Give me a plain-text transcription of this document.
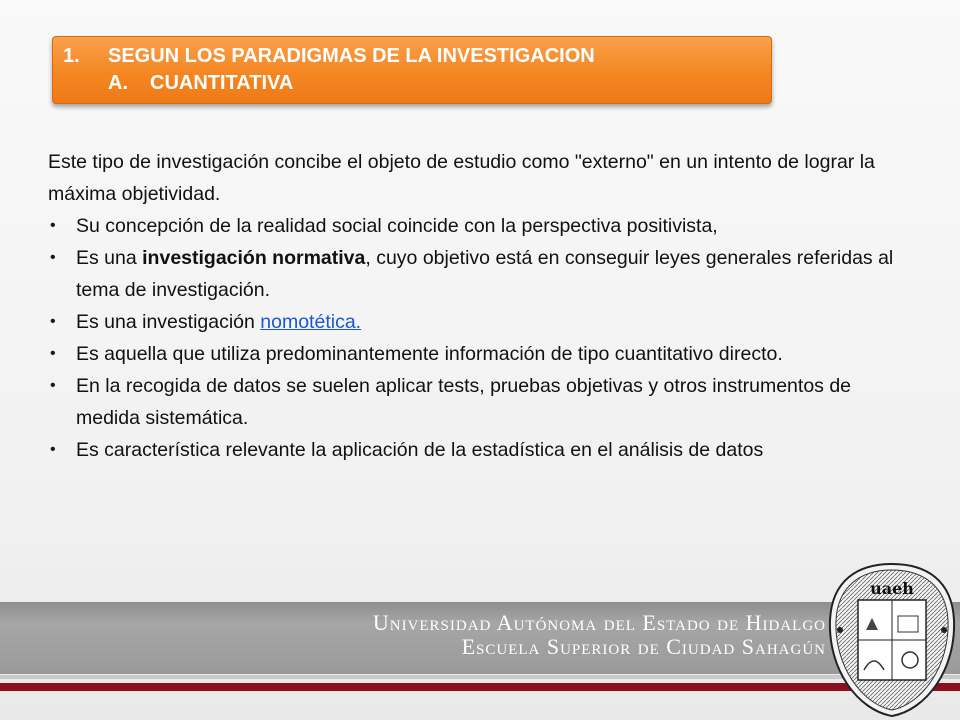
1. SEGUN LOS PARADIGMAS DE LA INVESTIGACION
A. CUANTITATIVA

Este tipo de investigación concibe el objeto de estudio como "externo" en un intento de lograr la máxima objetividad.

• Su concepción de la realidad social coincide con la perspectiva positivista,
• Es una investigación normativa, cuyo objetivo está en conseguir leyes generales referidas al tema de investigación.
• Es una investigación nomotética.
• Es aquella que utiliza predominantemente información de tipo cuantitativo directo.
• En la recogida de datos se suelen aplicar tests, pruebas objetivas y otros instrumentos de medida sistemática.
• Es característica relevante la aplicación de la estadística en el análisis de datos
Universidad Autónoma del Estado de Hidalgo
Escuela Superior de Ciudad Sahagún
uaeh
